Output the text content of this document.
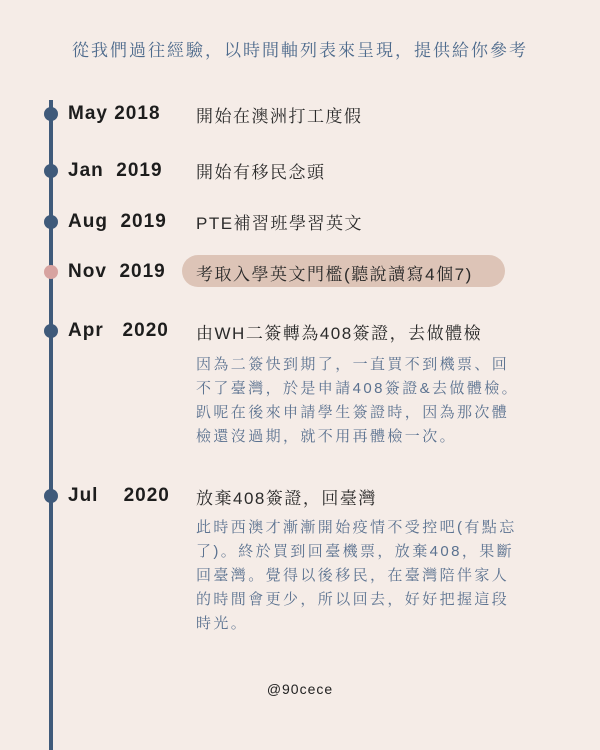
從我們過往經驗，以時間軸列表來呈現，提供給你參考
May 2018 開始在澳洲打工度假
Jan  2019 開始有移民念頭
Aug  2019 PTE補習班學習英文
Nov  2019 考取入學英文門檻(聽說讀寫4個7)
Apr   2020 由WH二簽轉為408簽證，去做體檢
因為二簽快到期了，一直買不到機票、回
不了臺灣，於是申請408簽證&去做體檢。
趴呢在後來申請學生簽證時，因為那次體
檢還沒過期，就不用再體檢一次。
Jul    2020 放棄408簽證，回臺灣
此時西澳才漸漸開始疫情不受控吧(有點忘
了)。終於買到回臺機票，放棄408，果斷
回臺灣。覺得以後移民，在臺灣陪伴家人
的時間會更少，所以回去，好好把握這段
時光。
@90cece
